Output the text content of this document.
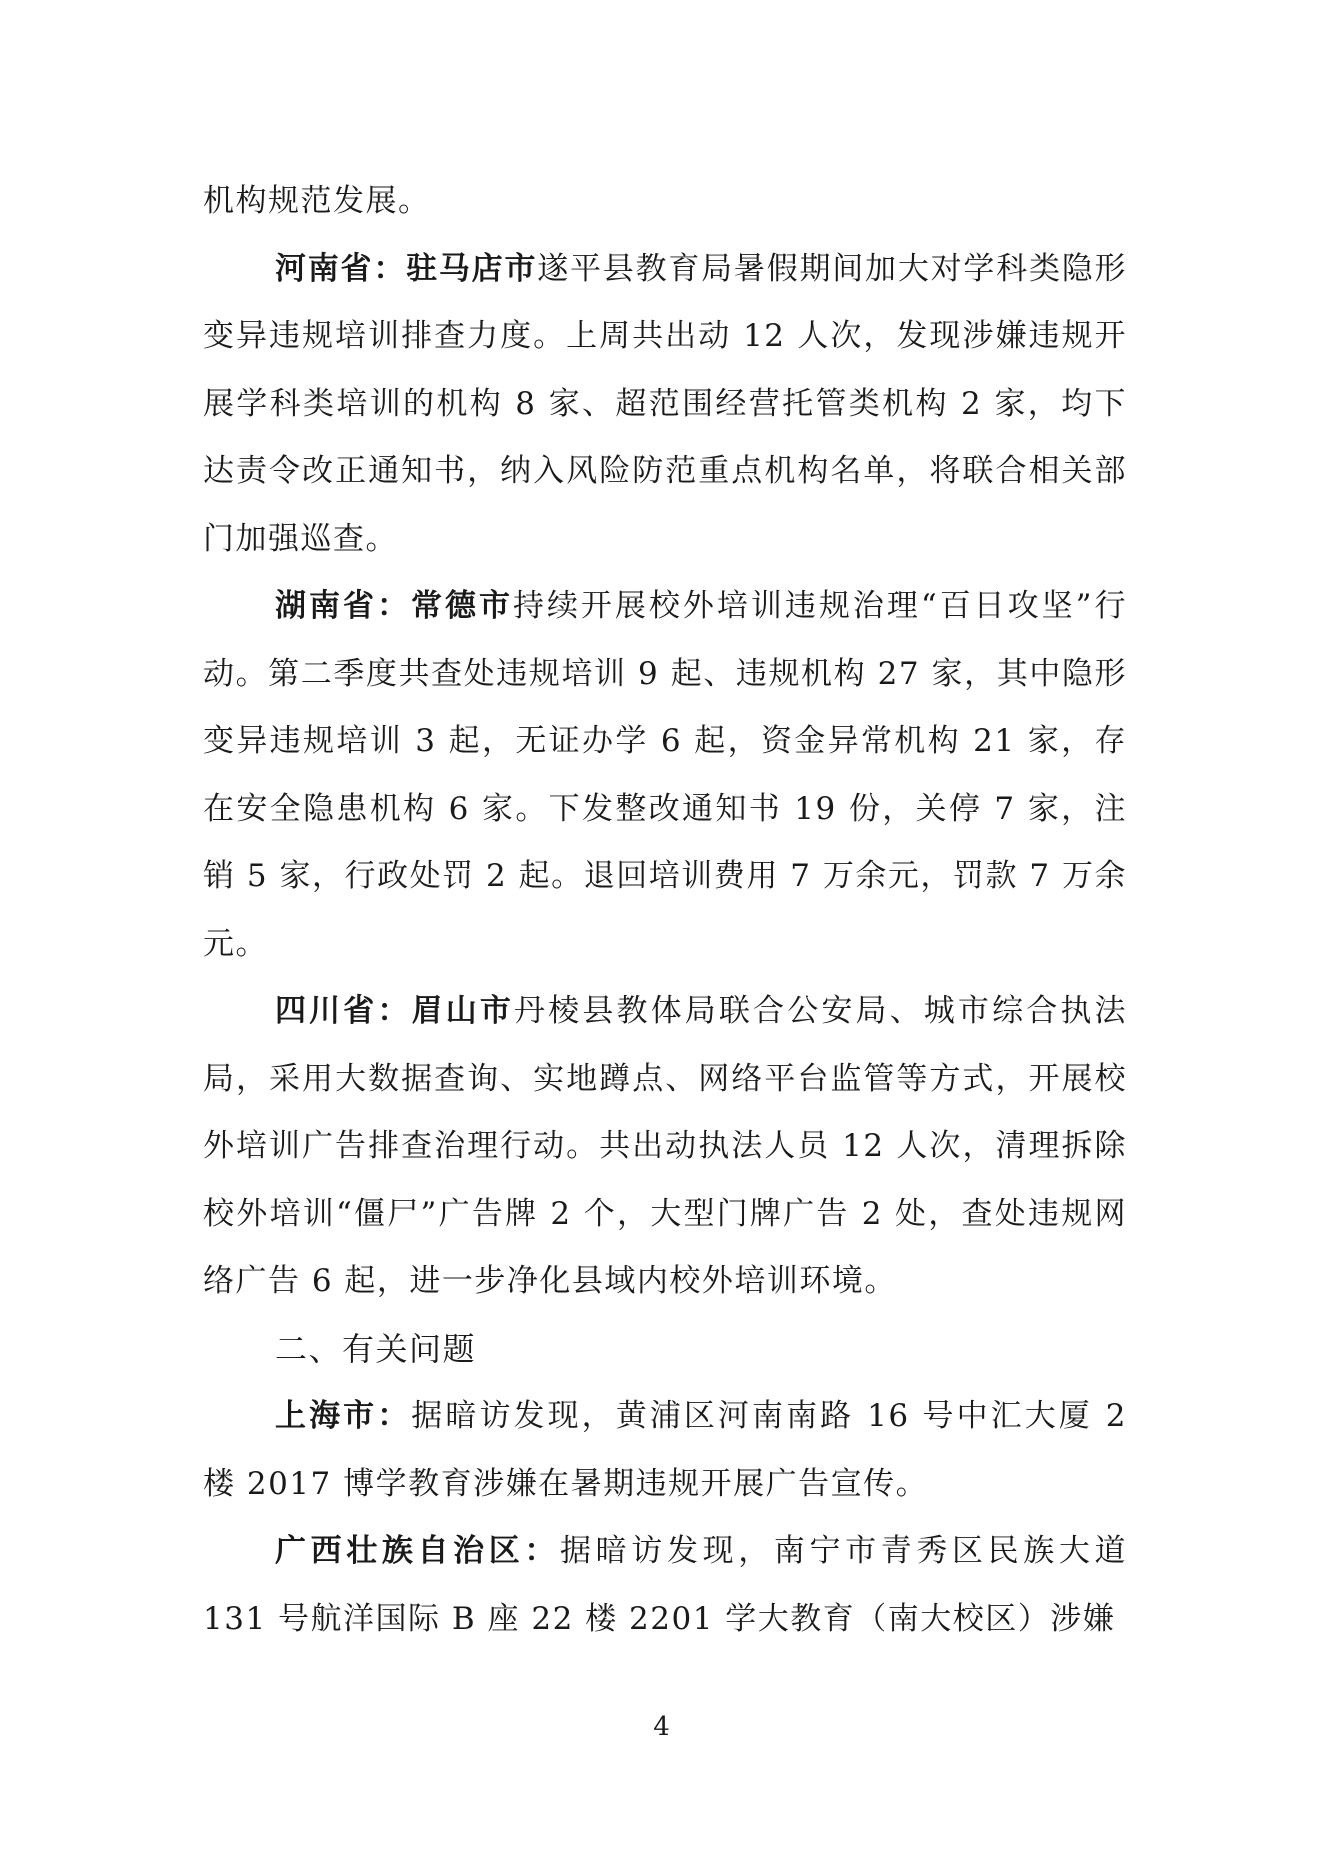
机构规范发展。

河南省：驻马店市遂平县教育局暑假期间加大对学科类隐形变异违规培训排查力度。上周共出动 12 人次，发现涉嫌违规开展学科类培训的机构 8 家、超范围经营托管类机构 2 家，均下达责令改正通知书，纳入风险防范重点机构名单，将联合相关部门加强巡查。

湖南省：常德市持续开展校外培训违规治理“百日攻坚”行动。第二季度共查处违规培训 9 起、违规机构 27 家，其中隐形变异违规培训 3 起，无证办学 6 起，资金异常机构 21 家，存在安全隐患机构 6 家。下发整改通知书 19 份，关停 7 家，注销 5 家，行政处罚 2 起。退回培训费用 7 万余元，罚款 7 万余元。

四川省：眉山市丹棱县教体局联合公安局、城市综合执法局，采用大数据查询、实地蹲点、网络平台监管等方式，开展校外培训广告排查治理行动。共出动执法人员 12 人次，清理拆除校外培训“僵尸”广告牌 2 个，大型门牌广告 2 处，查处违规网络广告 6 起，进一步净化县域内校外培训环境。

二、有关问题

上海市：据暗访发现，黄浦区河南南路 16 号中汇大厦 2 楼 2017 博学教育涉嫌在暑期违规开展广告宣传。

广西壮族自治区：据暗访发现，南宁市青秀区民族大道 131 号航洋国际 B 座 22 楼 2201 学大教育（南大校区）涉嫌

4
